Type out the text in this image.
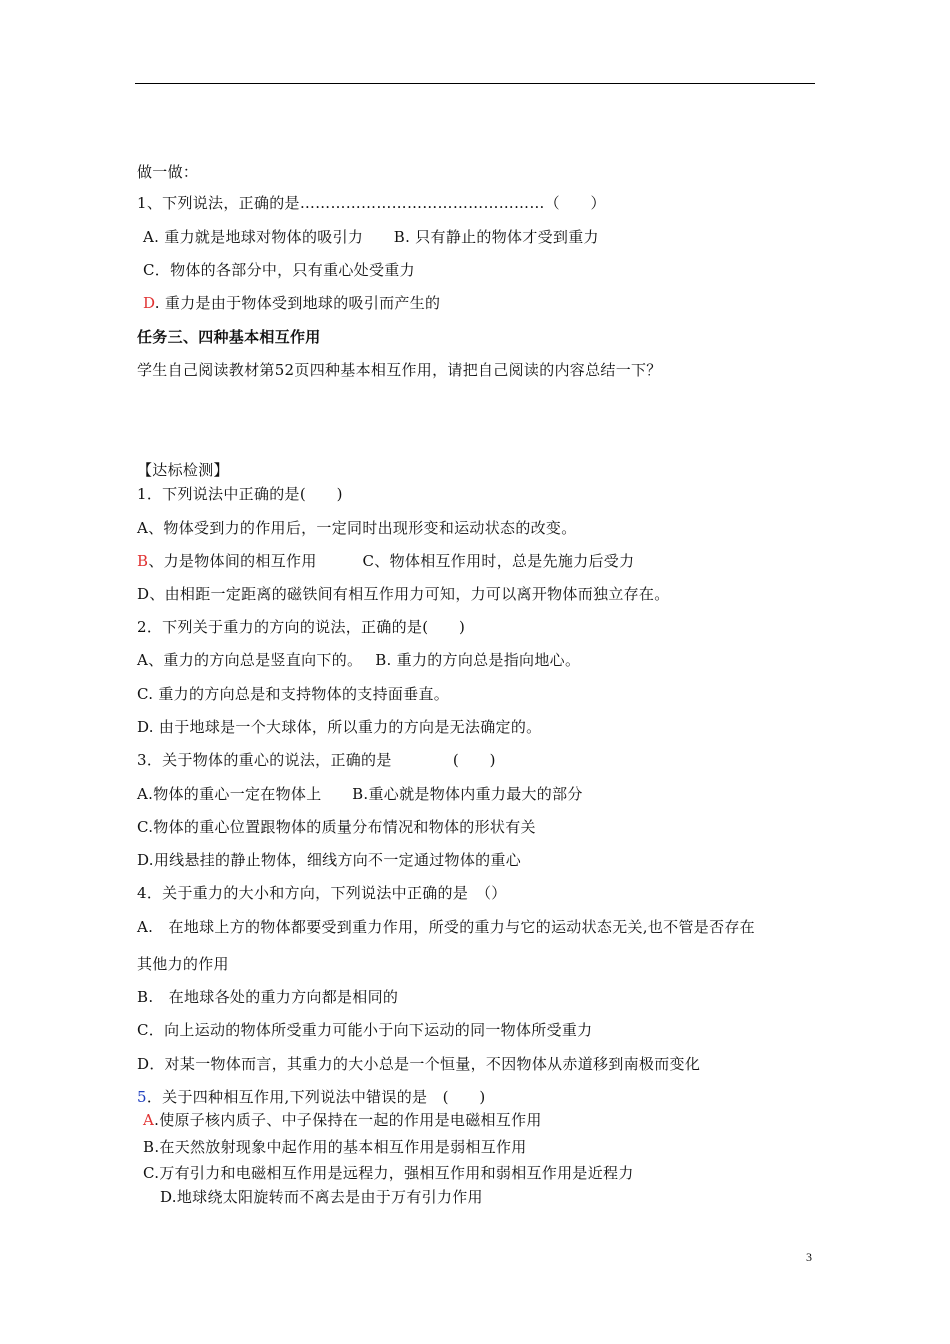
做一做：
1、下列说法，正确的是…………………………………………（　　）
A. 重力就是地球对物体的吸引力　　B. 只有静止的物体才受到重力
C．物体的各部分中，只有重心处受重力
D. 重力是由于物体受到地球的吸引而产生的
任务三、四种基本相互作用
学生自己阅读教材第52页四种基本相互作用，请把自己阅读的内容总结一下？
【达标检测】
1．下列说法中正确的是(　　)
A、物体受到力的作用后，一定同时出现形变和运动状态的改变。
B、力是物体间的相互作用　　　C、物体相互作用时，总是先施力后受力
D、由相距一定距离的磁铁间有相互作用力可知，力可以离开物体而独立存在。
2．下列关于重力的方向的说法，正确的是(　　)
A、重力的方向总是竖直向下的。　 B. 重力的方向总是指向地心。
C. 重力的方向总是和支持物体的支持面垂直。
D. 由于地球是一个大球体，所以重力的方向是无法确定的。
3．关于物体的重心的说法，正确的是　　　　(　　)
A.物体的重心一定在物体上　　B.重心就是物体内重力最大的部分
C.物体的重心位置跟物体的质量分布情况和物体的形状有关
D.用线悬挂的静止物体，细线方向不一定通过物体的重心
4．关于重力的大小和方向，下列说法中正确的是　（）
A.　在地球上方的物体都要受到重力作用，所受的重力与它的运动状态无关,也不管是否存在
其他力的作用
B.　在地球各处的重力方向都是相同的
C．向上运动的物体所受重力可能小于向下运动的同一物体所受重力
D．对某一物体而言，其重力的大小总是一个恒量，不因物体从赤道移到南极而变化
5．关于四种相互作用,下列说法中错误的是　(　　)
A.使原子核内质子、中子保持在一起的作用是电磁相互作用
B.在天然放射现象中起作用的基本相互作用是弱相互作用
C.万有引力和电磁相互作用是远程力，强相互作用和弱相互作用是近程力
D.地球绕太阳旋转而不离去是由于万有引力作用
3
